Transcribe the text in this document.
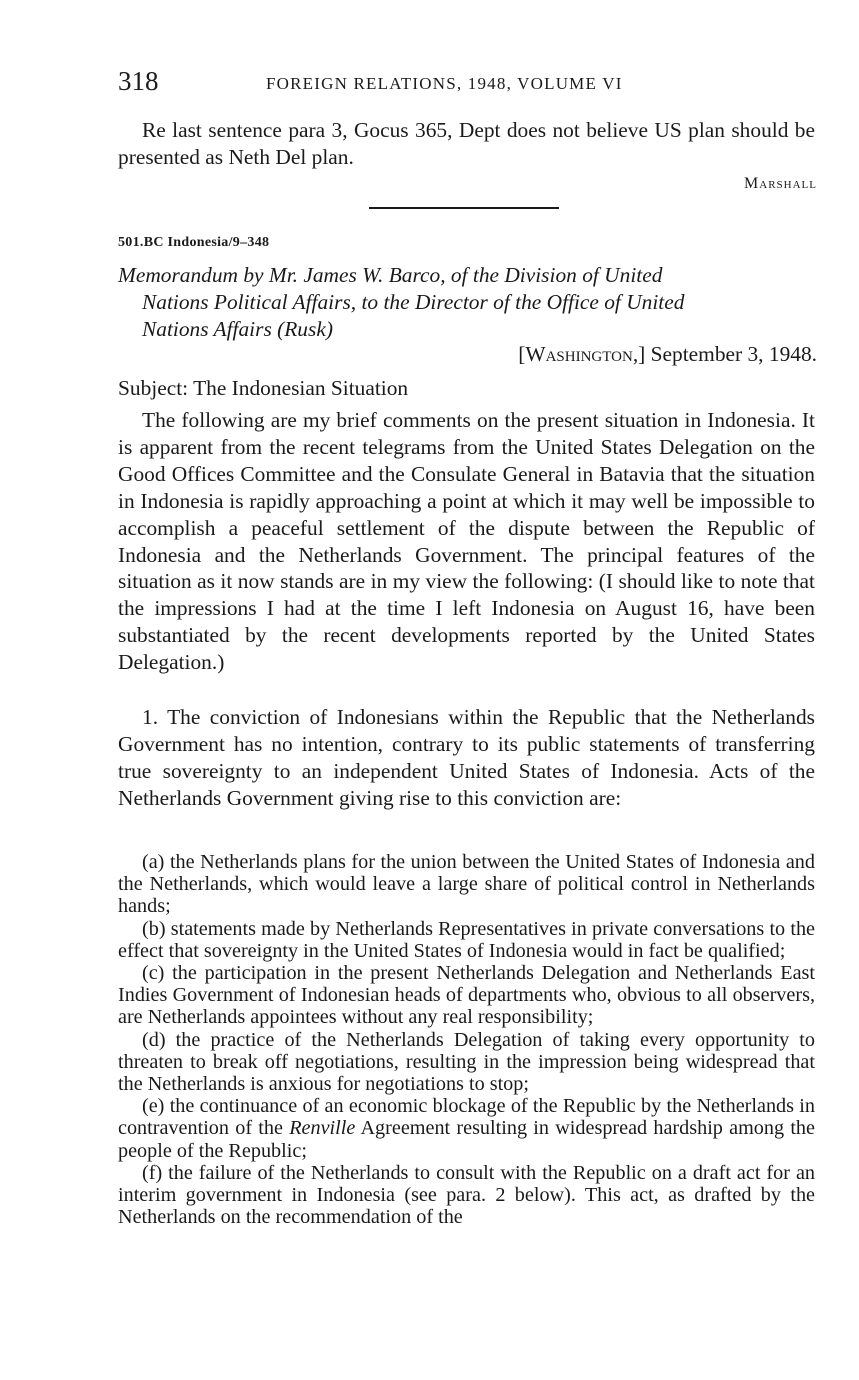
318	FOREIGN RELATIONS, 1948, VOLUME VI

Re last sentence para 3, Gocus 365, Dept does not believe US plan should be presented as Neth Del plan.

Marshall
501.BC Indonesia/9–348

Memorandum by Mr. James W. Barco, of the Division of United

Nations Political Affairs, to the Director of the Office of United

Nations Affairs (Rusk)

[Washington,] September 3, 1948.
Subject: The Indonesian Situation

The following are my brief comments on the present situation in Indonesia. It is apparent from the recent telegrams from the United States Delegation on the Good Offices Committee and the Consulate General in Batavia that the situation in Indonesia is rapidly approaching a point at which it may well be impossible to accomplish a peaceful settlement of the dispute between the Republic of Indonesia and the Netherlands Government. The principal features of the situation as it now stands are in my view the following: (I should like to note that the impressions I had at the time I left Indonesia on August 16, have been substantiated by the recent developments reported by the United States Delegation.)

1. The conviction of Indonesians within the Republic that the Netherlands Government has no intention, contrary to its public statements of transferring true sovereignty to an independent United States of Indonesia. Acts of the Netherlands Government giving rise to this conviction are:

(a) the Netherlands plans for the union between the United States of Indonesia and the Netherlands, which would leave a large share of political control in Netherlands hands;

(b) statements made by Netherlands Representatives in private conversations to the effect that sovereignty in the United States of Indonesia would in fact be qualified;

(c) the participation in the present Netherlands Delegation and Netherlands East Indies Government of Indonesian heads of departments who, obvious to all observers, are Netherlands appointees without any real responsibility;

(d) the practice of the Netherlands Delegation of taking every opportunity to threaten to break off negotiations, resulting in the impression being widespread that the Netherlands is anxious for negotiations to stop;

(e) the continuance of an economic blockage of the Republic by the Netherlands in contravention of the Renville Agreement resulting in widespread hardship among the people of the Republic;

(f) the failure of the Netherlands to consult with the Republic on a draft act for an interim government in Indonesia (see para. 2 below). This act, as drafted by the Netherlands on the recommendation of the
